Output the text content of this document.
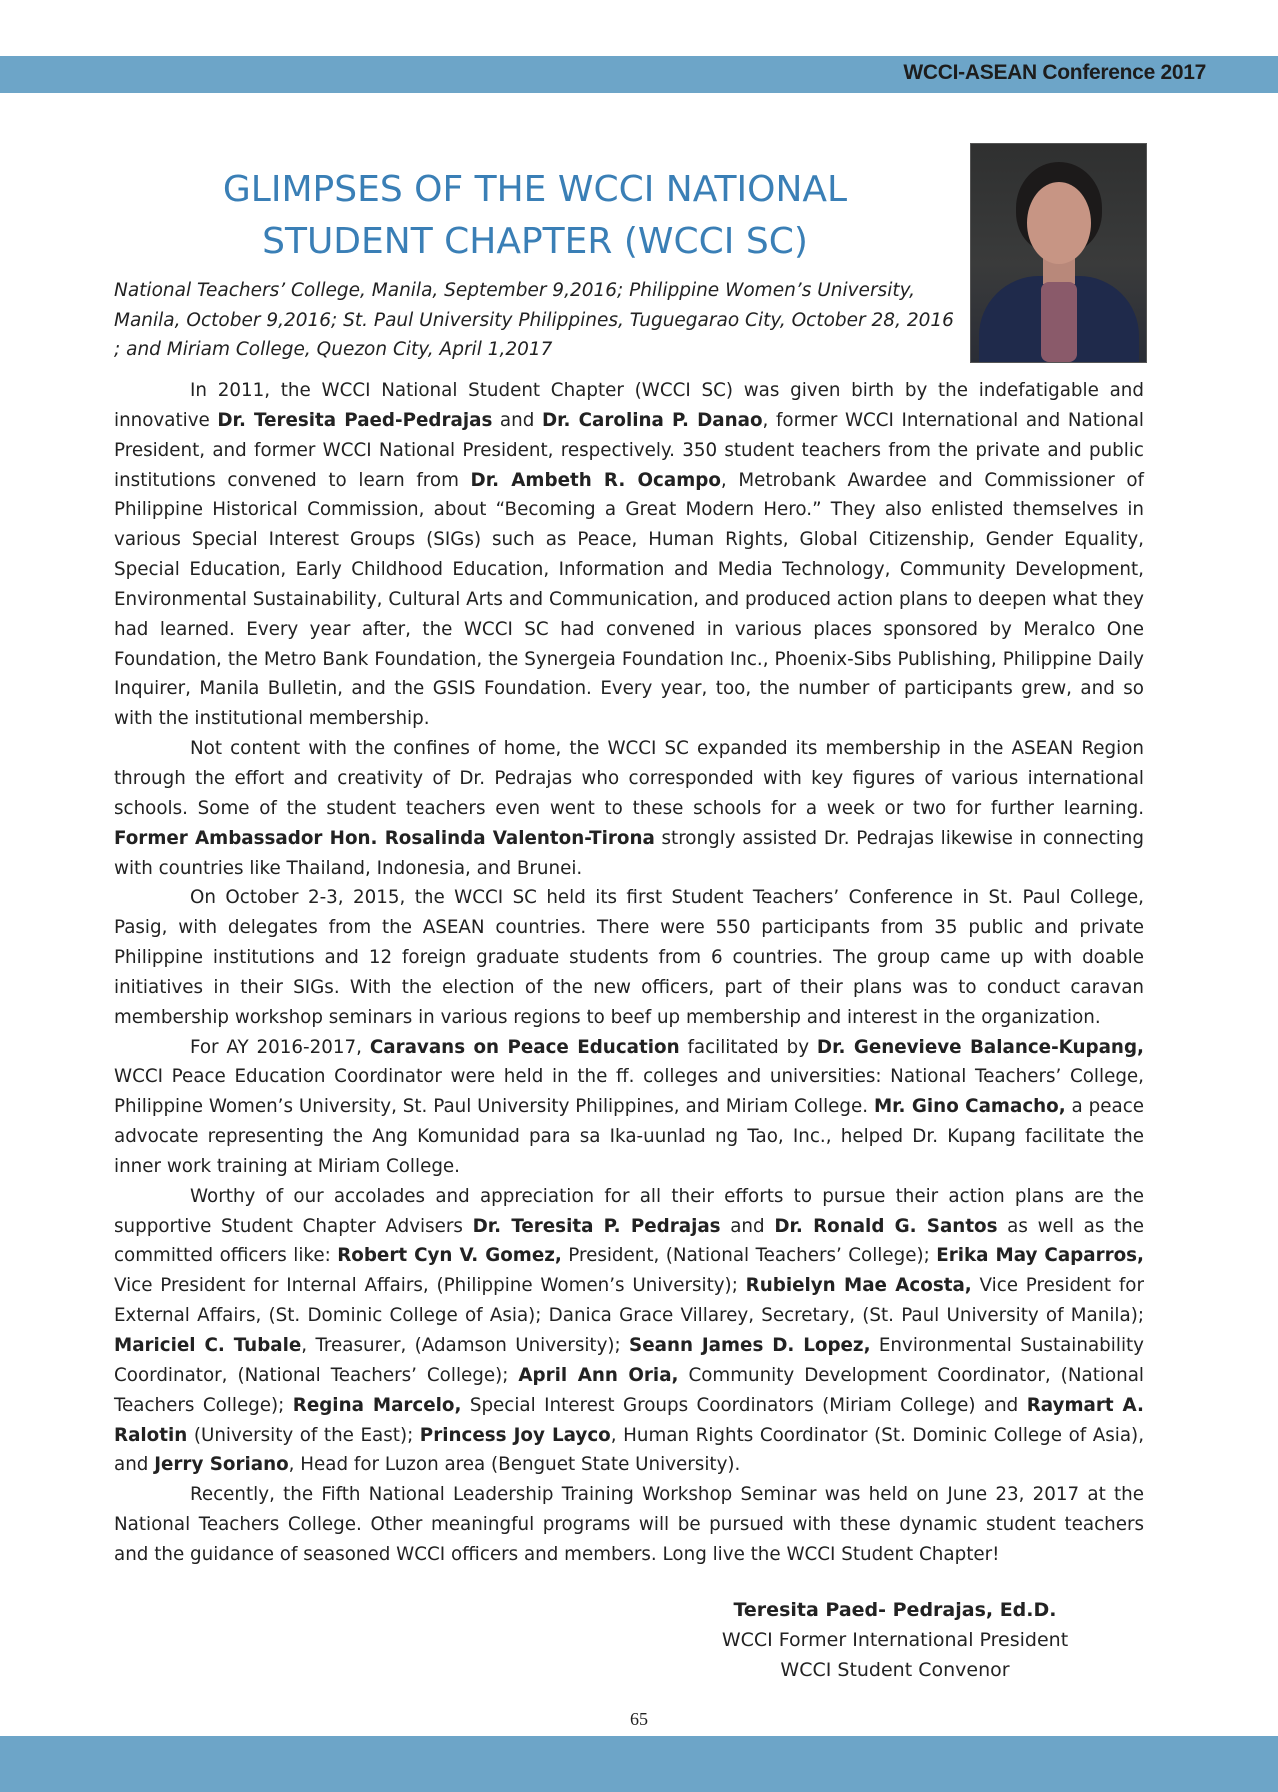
WCCI-ASEAN Conference 2017
GLIMPSES OF THE WCCI NATIONAL
STUDENT CHAPTER (WCCI SC)
National Teachers’ College, Manila, September 9,2016; Philippine Women’s University, Manila, October 9,2016; St. Paul University Philippines, Tuguegarao City, October 28, 2016 ; and Miriam College, Quezon City, April 1,2017

In 2011, the WCCI National Student Chapter (WCCI SC) was given birth by the indefatigable and innovative Dr. Teresita Paed-Pedrajas and Dr. Carolina P. Danao, former WCCI International and National President, and former WCCI National President, respectively. 350 student teachers from the private and public institutions convened to learn from Dr. Ambeth R. Ocampo, Metrobank Awardee and Commissioner of Philippine Historical Commission, about “Becoming a Great Modern Hero.” They also enlisted themselves in various Special Interest Groups (SIGs) such as Peace, Human Rights, Global Citizenship, Gender Equality, Special Education, Early Childhood Education, Information and Media Technology, Community Development, Environmental Sustainability, Cultural Arts and Communication, and produced action plans to deepen what they had learned. Every year after, the WCCI SC had convened in various places sponsored by Meralco One Foundation, the Metro Bank Foundation, the Synergeia Foundation Inc., Phoenix-Sibs Publishing, Philippine Daily Inquirer, Manila Bulletin, and the GSIS Foundation. Every year, too, the number of participants grew, and so with the institutional membership.

Not content with the confines of home, the WCCI SC expanded its membership in the ASEAN Region through the effort and creativity of Dr. Pedrajas who corresponded with key figures of various international schools. Some of the student teachers even went to these schools for a week or two for further learning. Former Ambassador Hon. Rosalinda Valenton-Tirona strongly assisted Dr. Pedrajas likewise in connecting with countries like Thailand, Indonesia, and Brunei.

On October 2-3, 2015, the WCCI SC held its first Student Teachers’ Conference in St. Paul College, Pasig, with delegates from the ASEAN countries. There were 550 participants from 35 public and private Philippine institutions and 12 foreign graduate students from 6 countries. The group came up with doable initiatives in their SIGs. With the election of the new officers, part of their plans was to conduct caravan membership workshop seminars in various regions to beef up membership and interest in the organization.

For AY 2016-2017, Caravans on Peace Education facilitated by Dr. Genevieve Balance-Kupang, WCCI Peace Education Coordinator were held in the ff. colleges and universities: National Teachers’ College, Philippine Women’s University, St. Paul University Philippines, and Miriam College. Mr. Gino Camacho, a peace advocate representing the Ang Komunidad para sa Ika-uunlad ng Tao, Inc., helped Dr. Kupang facilitate the inner work training at Miriam College.

Worthy of our accolades and appreciation for all their efforts to pursue their action plans are the supportive Student Chapter Advisers Dr. Teresita P. Pedrajas and Dr. Ronald G. Santos as well as the committed officers like: Robert Cyn V. Gomez, President, (National Teachers’ College); Erika May Caparros, Vice President for Internal Affairs, (Philippine Women’s University); Rubielyn Mae Acosta, Vice President for External Affairs, (St. Dominic College of Asia); Danica Grace Villarey, Secretary, (St. Paul University of Manila); Mariciel C. Tubale, Treasurer, (Adamson University); Seann James D. Lopez, Environmental Sustainability Coordinator, (National Teachers’ College); April Ann Oria, Community Development Coordinator, (National Teachers College); Regina Marcelo, Special Interest Groups Coordinators (Miriam College) and Raymart A. Ralotin (University of the East); Princess Joy Layco, Human Rights Coordinator (St. Dominic College of Asia), and Jerry Soriano, Head for Luzon area (Benguet State University).

Recently, the Fifth National Leadership Training Workshop Seminar was held on June 23, 2017 at the National Teachers College. Other meaningful programs will be pursued with these dynamic student teachers and the guidance of seasoned WCCI officers and members. Long live the WCCI Student Chapter!

Teresita Paed- Pedrajas, Ed.D.
WCCI Former International President
WCCI Student Convenor
65
